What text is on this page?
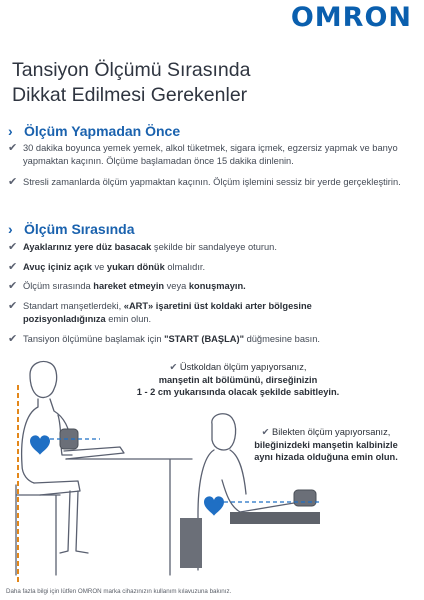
OMRON
Tansiyon Ölçümü Sırasında
Dikkat Edilmesi Gerekenler
› Ölçüm Yapmadan Önce
✔ 30 dakika boyunca yemek yemek, alkol tüketmek, sigara içmek, egzersiz yapmak ve banyo yapmaktan kaçının. Ölçüme başlamadan önce 15 dakika dinlenin.
✔ Stresli zamanlarda ölçüm yapmaktan kaçının. Ölçüm işlemini sessiz bir yerde gerçekleştirin.
› Ölçüm Sırasında
✔ Ayaklarınız yere düz basacak şekilde bir sandalyeye oturun.
✔ Avuç içiniz açık ve yukarı dönük olmalıdır.
✔ Ölçüm sırasında hareket etmeyin veya konuşmayın.
✔ Standart manşetlerdeki, «ART» işaretini üst koldaki arter bölgesine pozisyonladığınıza emin olun.
✔ Tansiyon ölçümüne başlamak için "START (BAŞLA)" düğmesine basın.
✔ Üstkoldan ölçüm yapıyorsanız,
manşetin alt bölümünü, dirseğinizin
1 - 2 cm yukarısında olacak şekilde sabitleyin.
✔ Bilekten ölçüm yapıyorsanız,
bileğinizdeki manşetin kalbinizle
aynı hizada olduğuna emin olun.
Daha fazla bilgi için lütfen OMRON marka cihazınızın kullanım kılavuzuna bakınız.
